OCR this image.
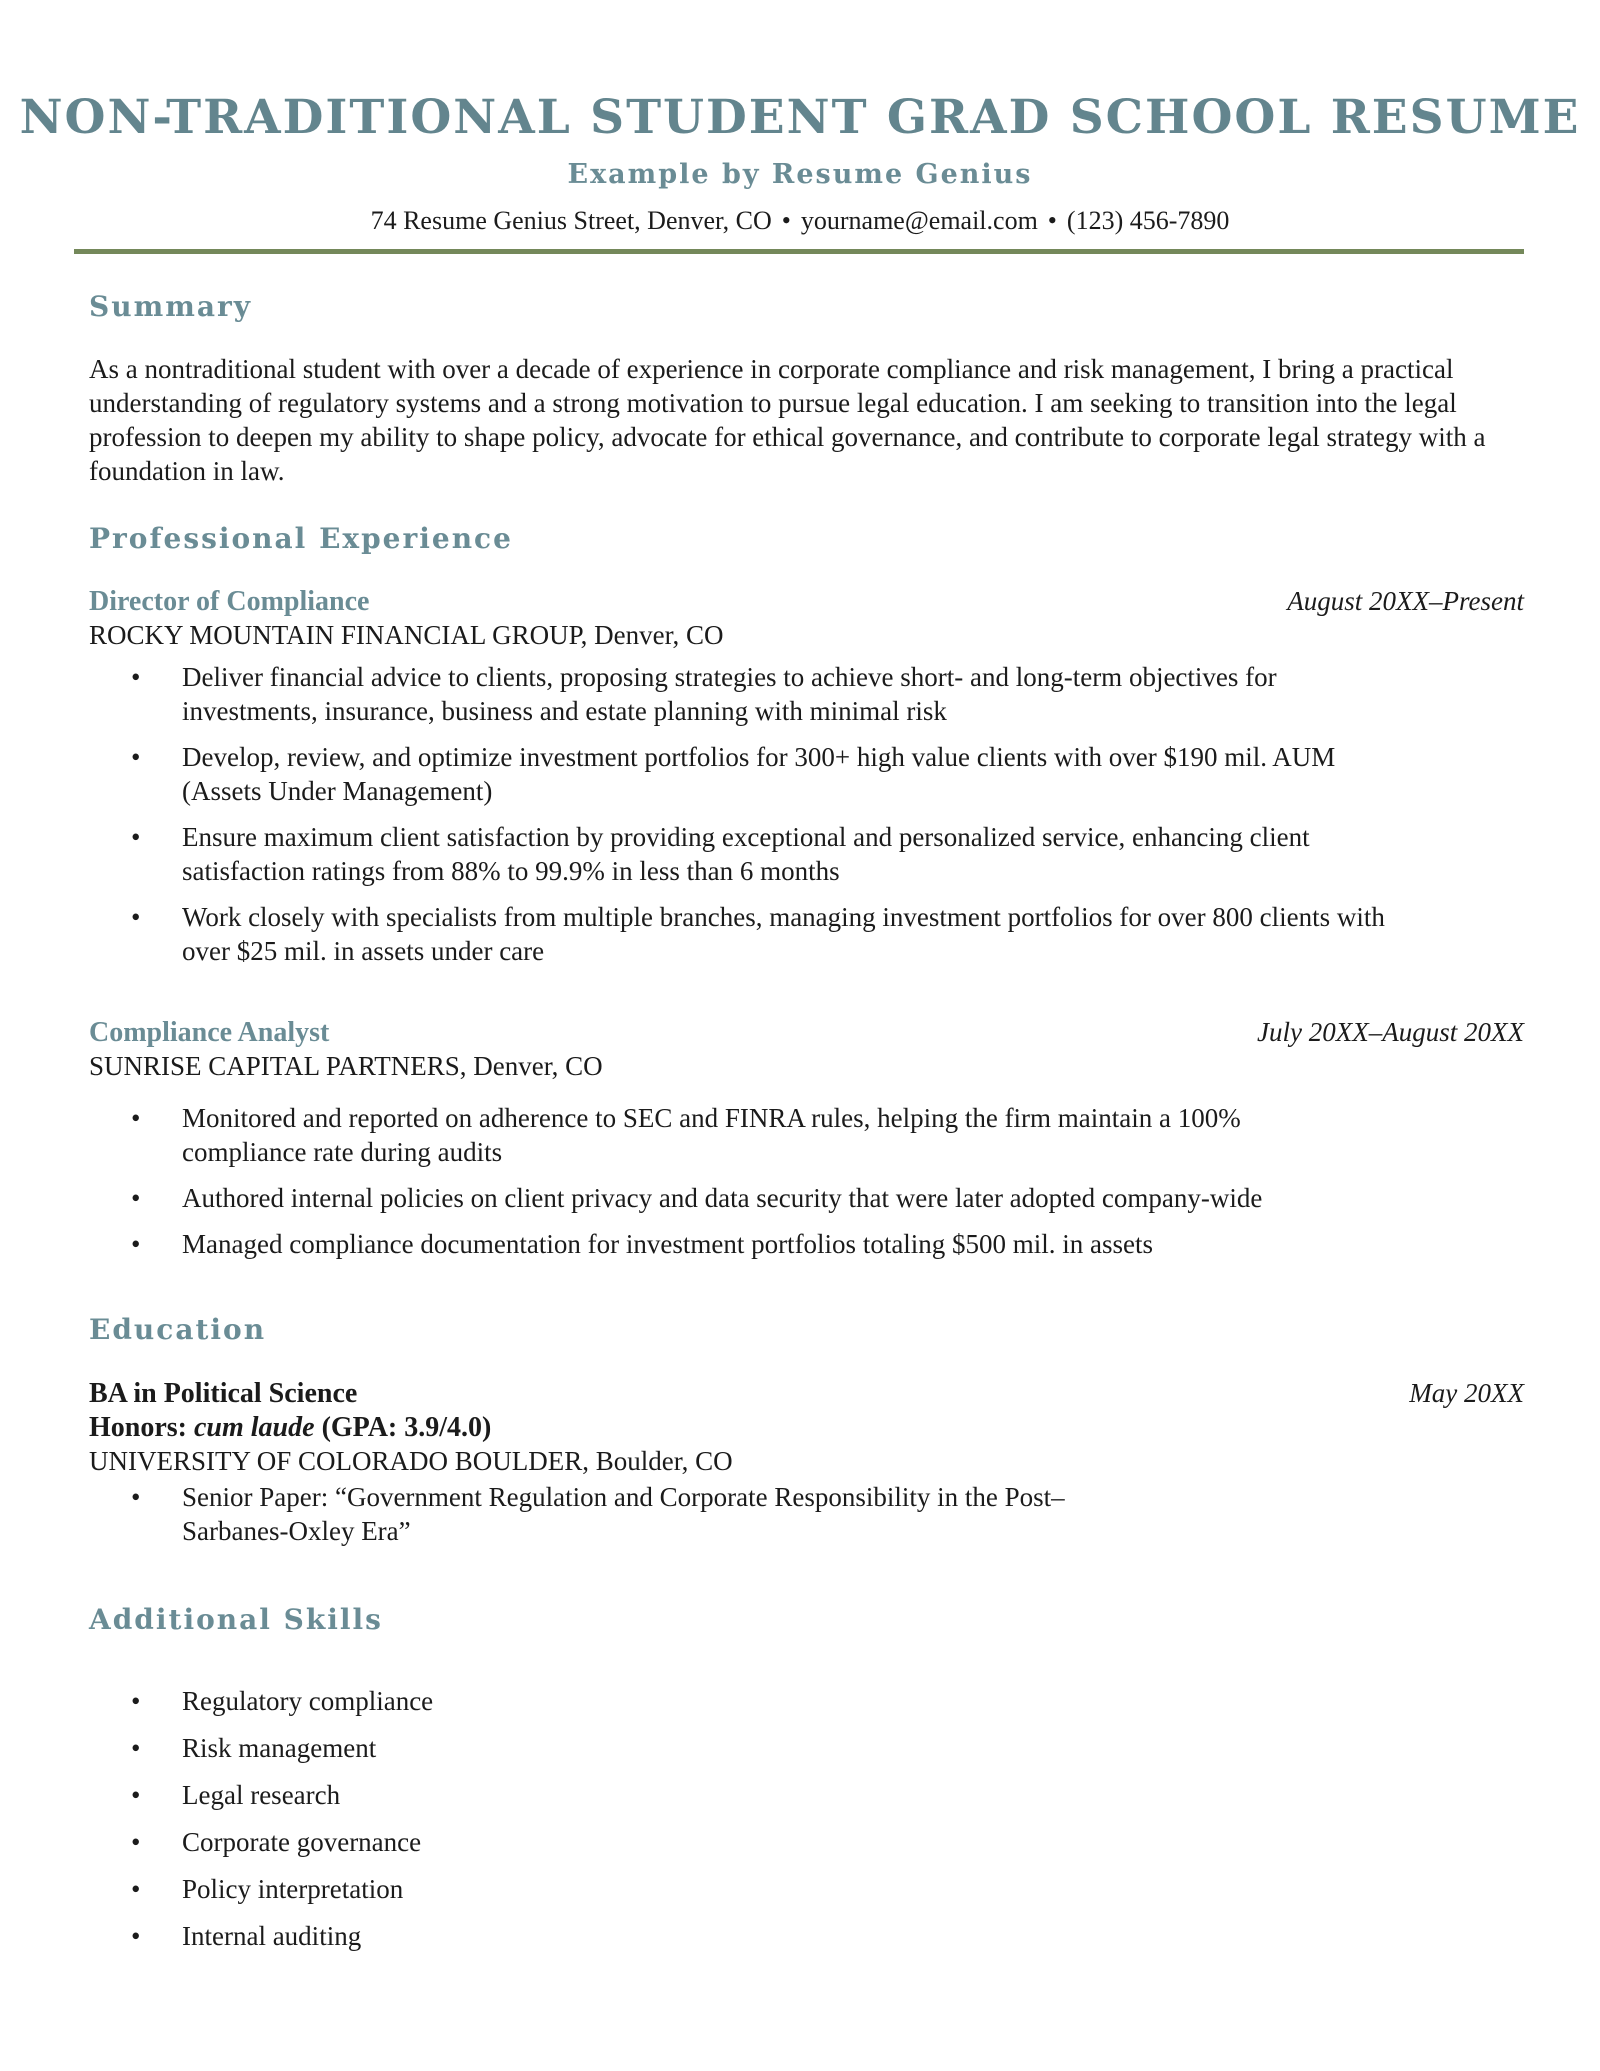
NON-TRADITIONAL STUDENT GRAD SCHOOL RESUME
Example by Resume Genius
74 Resume Genius Street, Denver, CO • yourname@email.com • (123) 456-7890
Summary
As a nontraditional student with over a decade of experience in corporate compliance and risk management, I bring a practical understanding of regulatory systems and a strong motivation to pursue legal education. I am seeking to transition into the legal profession to deepen my ability to shape policy, advocate for ethical governance, and contribute to corporate legal strategy with a foundation in law.
Professional Experience
Director of Compliance	August 20XX–Present
ROCKY MOUNTAIN FINANCIAL GROUP, Denver, CO
• Deliver financial advice to clients, proposing strategies to achieve short- and long-term objectives for investments, insurance, business and estate planning with minimal risk
• Develop, review, and optimize investment portfolios for 300+ high value clients with over $190 mil. AUM (Assets Under Management)
• Ensure maximum client satisfaction by providing exceptional and personalized service, enhancing client satisfaction ratings from 88% to 99.9% in less than 6 months
• Work closely with specialists from multiple branches, managing investment portfolios for over 800 clients with over $25 mil. in assets under care
Compliance Analyst	July 20XX–August 20XX
SUNRISE CAPITAL PARTNERS, Denver, CO
• Monitored and reported on adherence to SEC and FINRA rules, helping the firm maintain a 100% compliance rate during audits
• Authored internal policies on client privacy and data security that were later adopted company-wide
• Managed compliance documentation for investment portfolios totaling $500 mil. in assets
Education
BA in Political Science	May 20XX
Honors: cum laude (GPA: 3.9/4.0)
UNIVERSITY OF COLORADO BOULDER, Boulder, CO
• Senior Paper: “Government Regulation and Corporate Responsibility in the Post–Sarbanes-Oxley Era”
Additional Skills
• Regulatory compliance
• Risk management
• Legal research
• Corporate governance
• Policy interpretation
• Internal auditing
